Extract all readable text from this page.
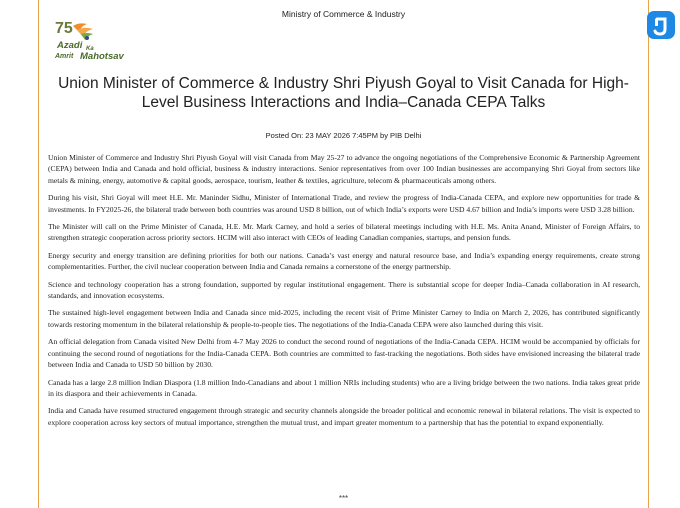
Ministry of Commerce & Industry
75
Azadi Ka
Amrit Mahotsav
Union Minister of Commerce & Industry Shri Piyush Goyal to Visit Canada for High-Level Business Interactions and India–Canada CEPA Talks
Posted On: 23 MAY 2026 7:45PM by PIB Delhi

Union Minister of Commerce and Industry Shri Piyush Goyal will visit Canada from May 25-27 to advance the ongoing negotiations of the Comprehensive Economic & Partnership Agreement (CEPA) between India and Canada and hold official, business & industry interactions. Senior representatives from over 100 Indian businesses are accompanying Shri Goyal from sectors like metals & mining, energy, automotive & capital goods, aerospace, tourism, leather & textiles, agriculture, telecom & pharmaceuticals among others.

During his visit, Shri Goyal will meet H.E. Mr. Maninder Sidhu, Minister of International Trade, and review the progress of India-Canada CEPA, and explore new opportunities for trade & investments. In FY2025-26, the bilateral trade between both countries was around USD 8 billion, out of which India’s exports were USD 4.67 billion and India’s imports were USD 3.28 billion.

The Minister will call on the Prime Minister of Canada, H.E. Mr. Mark Carney, and hold a series of bilateral meetings including with H.E. Ms. Anita Anand, Minister of Foreign Affairs, to strengthen strategic cooperation across priority sectors. HCIM will also interact with CEOs of leading Canadian companies, startups, and pension funds.

Energy security and energy transition are defining priorities for both our nations. Canada’s vast energy and natural resource base, and India’s expanding energy requirements, create strong complementarities. Further, the civil nuclear cooperation between India and Canada remains a cornerstone of the energy partnership.

Science and technology cooperation has a strong foundation, supported by regular institutional engagement. There is substantial scope for deeper India–Canada collaboration in AI research, standards, and innovation ecosystems.

The sustained high-level engagement between India and Canada since mid-2025, including the recent visit of Prime Minister Carney to India on March 2, 2026, has contributed significantly towards restoring momentum in the bilateral relationship & people-to-people ties. The negotiations of the India-Canada CEPA were also launched during this visit.

An official delegation from Canada visited New Delhi from 4-7 May 2026 to conduct the second round of negotiations of the India-Canada CEPA. HCIM would be accompanied by officials for continuing the second round of negotiations for the India-Canada CEPA. Both countries are committed to fast-tracking the negotiations. Both sides have envisioned increasing the bilateral trade between India and Canada to USD 50 billion by 2030.

Canada has a large 2.8 million Indian Diaspora (1.8 million Indo-Canadians and about 1 million NRIs including students) who are a living bridge between the two nations. India takes great pride in its diaspora and their achievements in Canada.

India and Canada have resumed structured engagement through strategic and security channels alongside the broader political and economic renewal in bilateral relations. The visit is expected to explore cooperation across key sectors of mutual importance, strengthen the mutual trust, and impart greater momentum to a partnership that has the potential to expand exponentially.

***
